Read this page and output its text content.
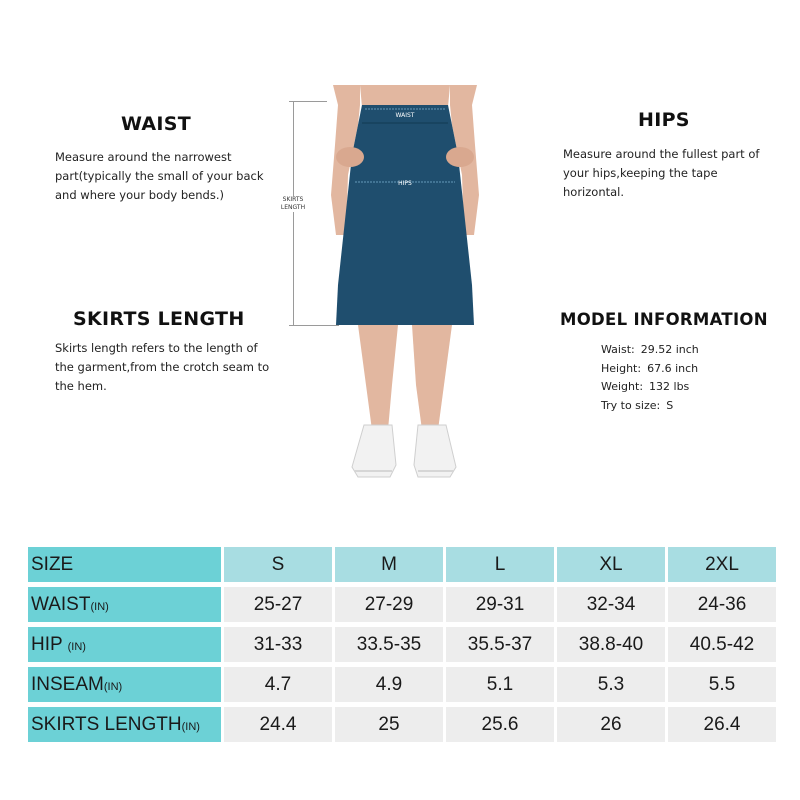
WAIST
Measure around the narrowest part(typically the small of your back and where your body bends.)
HIPS
Measure around the fullest part of your hips,keeping the tape horizontal.
SKIRTS LENGTH
Skirts length refers to the length of the garment,from the crotch seam to the hem.
MODEL INFORMATION
Waist: 29.52 inch
Height: 67.6 inch
Weight: 132 lbs
Try to size: S
SKIRTS
LENGTH
WAIST
HIPS
SIZE	S	M	L	XL	2XL
WAIST(IN)	25-27	27-29	29-31	32-34	24-36
HIP (IN)	31-33	33.5-35	35.5-37	38.8-40	40.5-42
INSEAM(IN)	4.7	4.9	5.1	5.3	5.5
SKIRTS LENGTH(IN)	24.4	25	25.6	26	26.4
